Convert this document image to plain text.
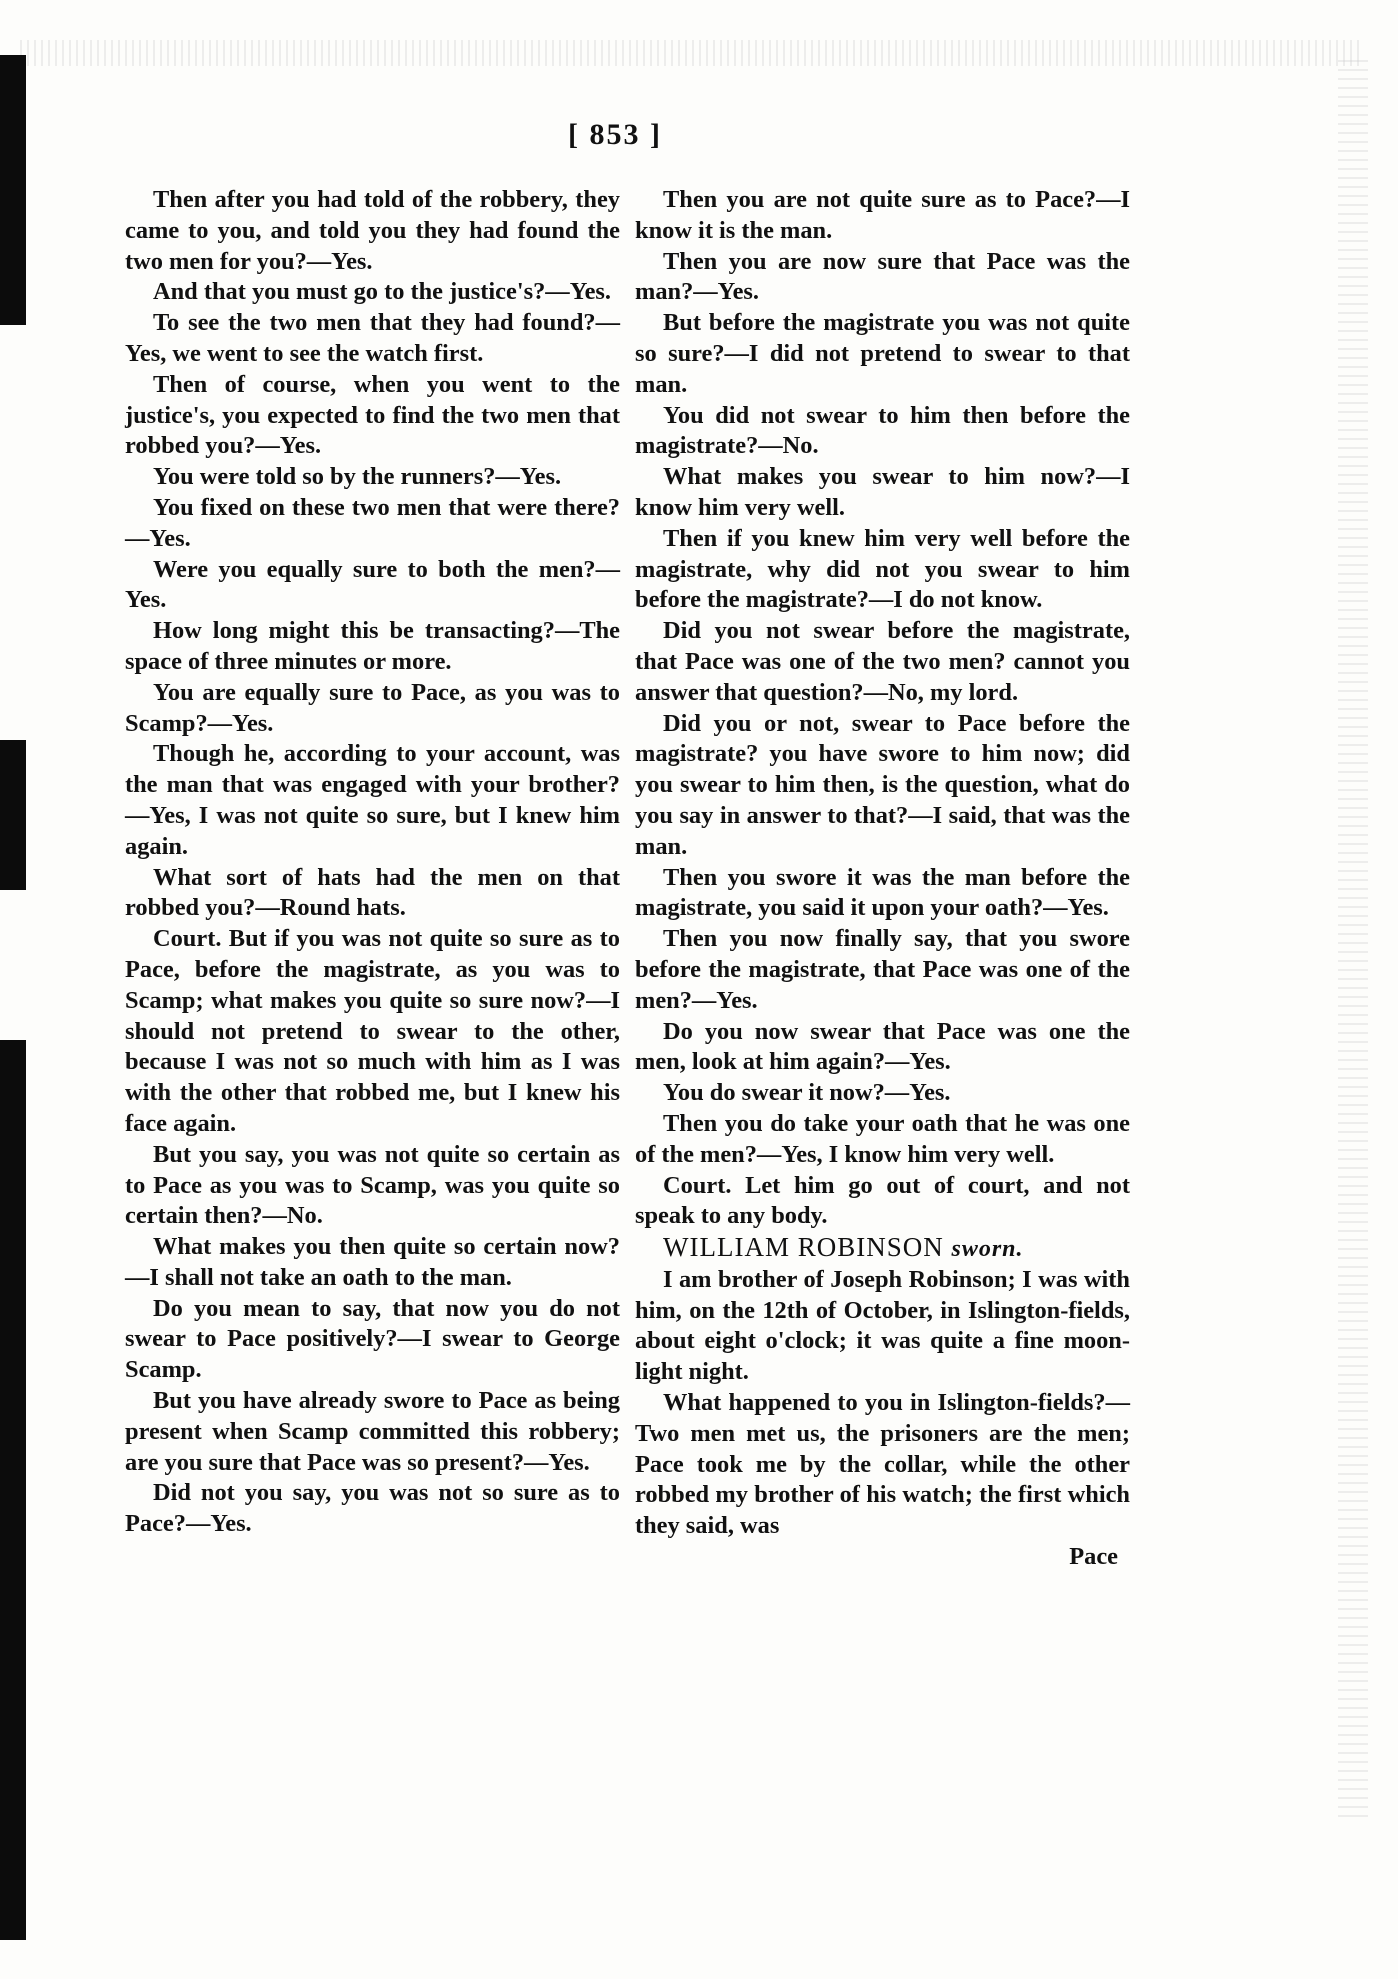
[ 853 ]

Then after you had told of the robbery, they came to you, and told you they had found the two men for you?—Yes.

And that you must go to the justice's?—Yes.

To see the two men that they had found?—Yes, we went to see the watch first.

Then of course, when you went to the justice's, you expected to find the two men that robbed you?—Yes.

You were told so by the runners?—Yes.

You fixed on these two men that were there?—Yes.

Were you equally sure to both the men?—Yes.

How long might this be transacting?—The space of three minutes or more.

You are equally sure to Pace, as you was to Scamp?—Yes.

Though he, according to your account, was the man that was engaged with your brother?—Yes, I was not quite so sure, but I knew him again.

What sort of hats had the men on that robbed you?—Round hats.

Court. But if you was not quite so sure as to Pace, before the magistrate, as you was to Scamp; what makes you quite so sure now?—I should not pretend to swear to the other, because I was not so much with him as I was with the other that robbed me, but I knew his face again.

But you say, you was not quite so certain as to Pace as you was to Scamp, was you quite so certain then?—No.

What makes you then quite so certain now?—I shall not take an oath to the man.

Do you mean to say, that now you do not swear to Pace positively?—I swear to George Scamp.

But you have already swore to Pace as being present when Scamp committed this robbery; are you sure that Pace was so present?—Yes.

Did not you say, you was not so sure as to Pace?—Yes.

Then you are not quite sure as to Pace?—I know it is the man.

Then you are now sure that Pace was the man?—Yes.

But before the magistrate you was not quite so sure?—I did not pretend to swear to that man.

You did not swear to him then before the magistrate?—No.

What makes you swear to him now?—I know him very well.

Then if you knew him very well before the magistrate, why did not you swear to him before the magistrate?—I do not know.

Did you not swear before the magistrate, that Pace was one of the two men? cannot you answer that question?—No, my lord.

Did you or not, swear to Pace before the magistrate? you have swore to him now; did you swear to him then, is the question, what do you say in answer to that?—I said, that was the man.

Then you swore it was the man before the magistrate, you said it upon your oath?—Yes.

Then you now finally say, that you swore before the magistrate, that Pace was one of the men?—Yes.

Do you now swear that Pace was one the men, look at him again?—Yes.

You do swear it now?—Yes.

Then you do take your oath that he was one of the men?—Yes, I know him very well.

Court. Let him go out of court, and not speak to any body.

WILLIAM ROBINSON sworn.

I am brother of Joseph Robinson; I was with him, on the 12th of October, in Islington-fields, about eight o'clock; it was quite a fine moon-light night.

What happened to you in Islington-fields?—Two men met us, the prisoners are the men; Pace took me by the collar, while the other robbed my brother of his watch; the first which they said, was

Pace
